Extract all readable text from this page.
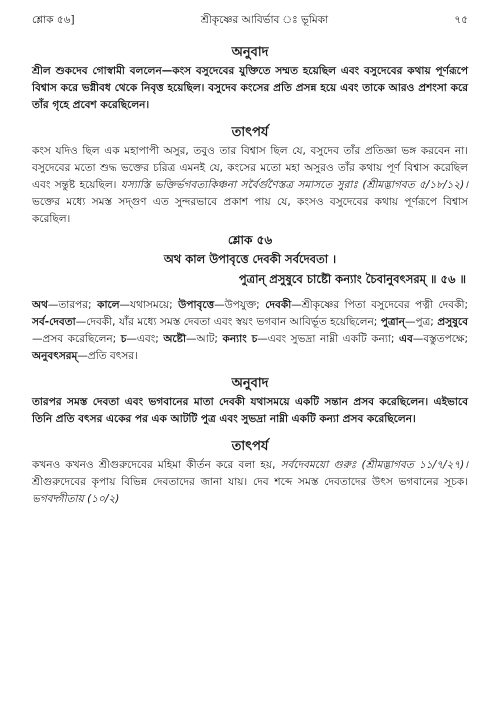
শ্লোক ৫৬]	শ্রীকৃষ্ণের আবির্ভাব ঃ ভূমিকা	৭৫
অনুবাদ

শ্রীল শুকদেব গোস্বামী বললেন—কংস বসুদেবের যুক্তিতে সম্মত হয়েছিল এবং বসুদেবের কথায় পূর্ণরূপে বিশ্বাস করে ভগ্নীবধ থেকে নিবৃত্ত হয়েছিল। বসুদেব কংসের প্রতি প্রসন্ন হয়ে এবং তাকে আরও প্রশংসা করে তাঁর গৃহে প্রবেশ করেছিলেন।

তাৎপর্য

কংস যদিও ছিল এক মহাপাপী অসুর, তবুও তার বিশ্বাস ছিল যে, বসুদেব তাঁর প্রতিজ্ঞা ভঙ্গ করবেন না। বসুদেবের মতো শুদ্ধ ভক্তের চরিত্র এমনই যে, কংসের মতো মহা অসুরও তাঁর কথায় পূর্ণ বিশ্বাস করেছিল এবং সন্তুষ্ট হয়েছিল। যস্যাস্তি ভক্তির্ভগবত্যকিঞ্চনা সর্বৈর্গুণৈস্তত্র সমাসতে সুরাঃ (শ্রীমদ্ভাগবত ৫/১৮/১২)। ভক্তের মধ্যে সমস্ত সদ্গুণ এত সুন্দরভাবে প্রকাশ পায় যে, কংসও বসুদেবের কথায় পূর্ণরূপে বিশ্বাস করেছিল।

শ্লোক ৫৬
অথ কাল উপাবৃত্তে দেবকী সর্বদেবতা ।
পুত্রান্ প্রসুষুবে চাষ্টৌ কন্যাং চৈবানুবৎসরম্ ॥ ৫৬ ॥

অথ—তারপর; কালে—যথাসময়ে; উপাবৃত্তে—উপযুক্ত; দেবকী—শ্রীকৃষ্ণের পিতা বসুদেবের পত্নী দেবকী; সর্ব-দেবতা—দেবকী, যাঁর মধ্যে সমস্ত দেবতা এবং স্বয়ং ভগবান আবির্ভূত হয়েছিলেন; পুত্রান্—পুত্র; প্রসুষুবে—প্রসব করেছিলেন; চ—এবং; অষ্টৌ—আট; কন্যাং চ—এবং সুভদ্রা নাম্নী একটি কন্যা; এব—বস্তুতপক্ষে; অনুবৎসরম্—প্রতি বৎসর।

অনুবাদ

তারপর সমস্ত দেবতা এবং ভগবানের মাতা দেবকী যথাসময়ে একটি সন্তান প্রসব করেছিলেন। এইভাবে তিনি প্রতি বৎসর একের পর এক আটটি পুত্র এবং সুভদ্রা নাম্নী একটি কন্যা প্রসব করেছিলেন।

তাৎপর্য

কখনও কখনও শ্রীগুরুদেবের মহিমা কীর্তন করে বলা হয়, সর্বদেবময়ো গুরুঃ (শ্রীমদ্ভাগবত ১১/৭/২৭)। শ্রীগুরুদেবের কৃপায় বিভিন্ন দেবতাদের জানা যায়। দেব শব্দে সমস্ত দেবতাদের উৎস ভগবানের সূচক। ভগবদ্গীতায় (১০/২)
